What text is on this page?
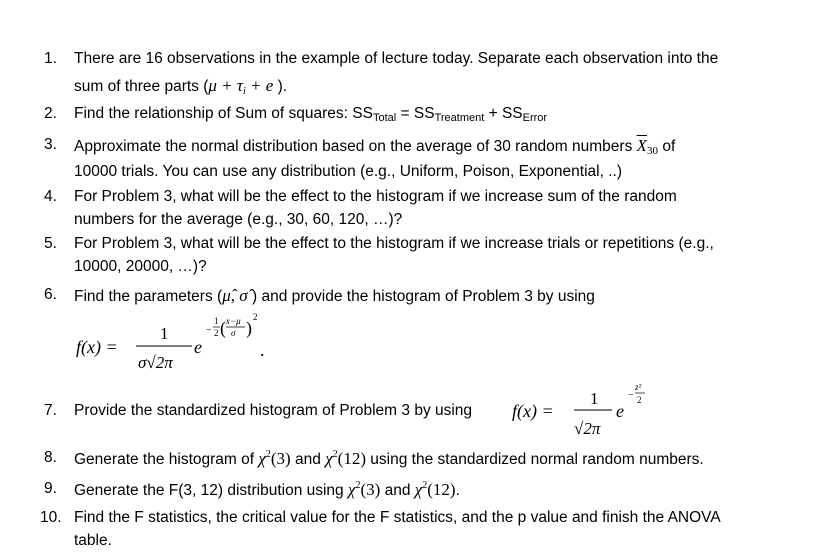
1. There are 16 observations in the example of lecture today. Separate each observation into the
sum of three parts (μ + τi + e ).
2. Find the relationship of Sum of squares: SSTotal = SSTreatment + SSError
3. Approximate the normal distribution based on the average of 30 random numbers $\overline{X}30$ of
10000 trials. You can use any distribution (e.g., Uniform, Poison, Exponential, ..)
4. For Problem 3, what will be the effect to the histogram if we increase sum of the random
numbers for the average (e.g., 30, 60, 120, …)?
5. For Problem 3, what will be the effect to the histogram if we increase trials or repetitions (e.g.,
10000, 20000, …)?
6. Find the parameters (μ̂, σ̂ ) and provide the histogram of Problem 3 by using
f(x) =
1
σ√2π
e
−
1
2 ( x−μ
σ )
2
.
7. Provide the standardized histogram of Problem 3 by using f(x) =
1
√2π
e
−
z²
2
8. Generate the histogram of $\chi^2(3)$ and $\chi^2(12)$ using the standardized normal random numbers.
9. Generate the F(3, 12) distribution using $\chi^2(3)$ and $\chi^2(12)$.
10. Find the F statistics, the critical value for the F statistics, and the p value and finish the ANOVA
table.
